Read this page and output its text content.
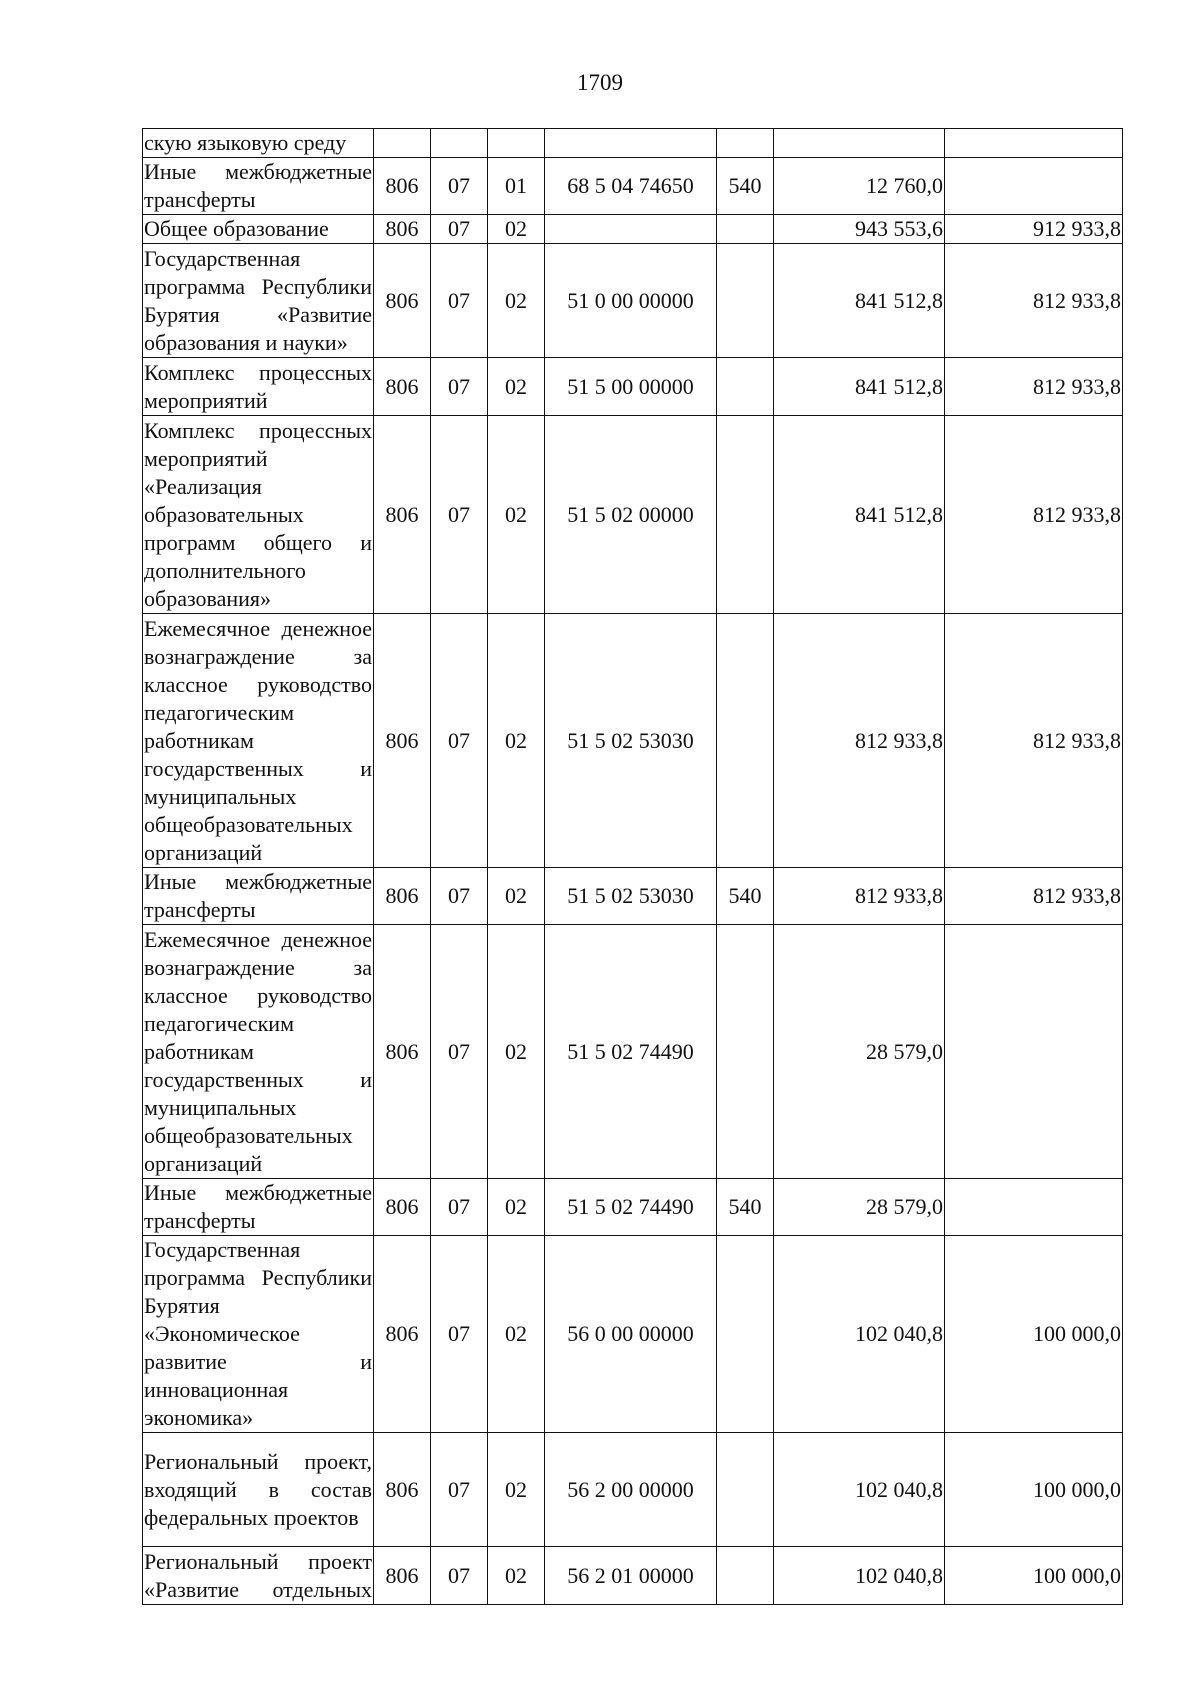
1709
скую языковую среду							
Иные межбюджетные трансферты	806	07	01	68 5 04 74650	540	12 760,0	
Общее образование	806	07	02			943 553,6	912 933,8
Государственная программа Республики Бурятия «Развитие образования и науки»	806	07	02	51 0 00 00000		841 512,8	812 933,8
Комплекс процессных мероприятий	806	07	02	51 5 00 00000		841 512,8	812 933,8
Комплекс процессных мероприятий «Реализация образовательных программ общего и дополнительного образования»	806	07	02	51 5 02 00000		841 512,8	812 933,8
Ежемесячное денежное вознаграждение за классное руководство педагогическим работникам государственных и муниципальных общеобразовательных организаций	806	07	02	51 5 02 53030		812 933,8	812 933,8
Иные межбюджетные трансферты	806	07	02	51 5 02 53030	540	812 933,8	812 933,8
Ежемесячное денежное вознаграждение за классное руководство педагогическим работникам государственных и муниципальных общеобразовательных организаций	806	07	02	51 5 02 74490		28 579,0	
Иные межбюджетные трансферты	806	07	02	51 5 02 74490	540	28 579,0	
Государственная программа Республики Бурятия «Экономическое развитие и инновационная экономика»	806	07	02	56 0 00 00000		102 040,8	100 000,0
Региональный проект, входящий в состав федеральных проектов	806	07	02	56 2 00 00000		102 040,8	100 000,0
Региональный проект «Развитие отдельных	806	07	02	56 2 01 00000		102 040,8	100 000,0
